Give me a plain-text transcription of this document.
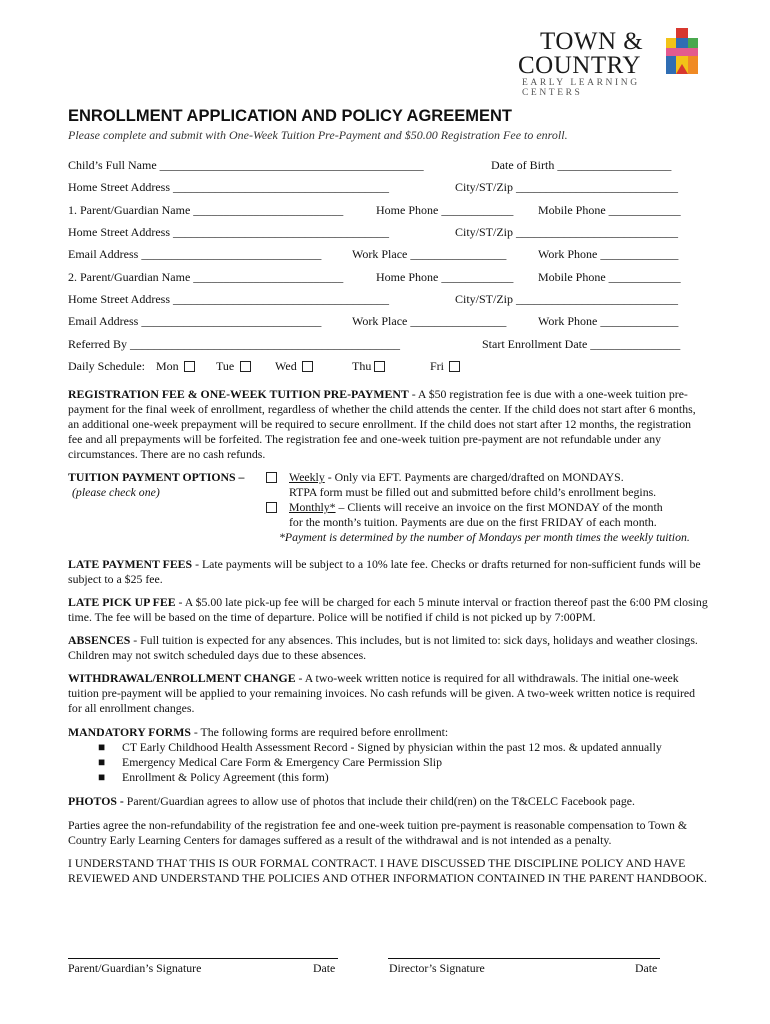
TOWN &
COUNTRY
EARLY LEARNING CENTERS
ENROLLMENT APPLICATION AND POLICY AGREEMENT
Please complete and submit with One-Week Tuition Pre-Payment and $50.00 Registration Fee to enroll.
Child’s Full Name ____________________________________________	Date of Birth ___________________
Home Street Address ____________________________________	City/ST/Zip ___________________________
1. Parent/Guardian Name _________________________	Home Phone ____________ Mobile Phone ____________
Home Street Address ____________________________________	City/ST/Zip ___________________________
Email Address ______________________________	Work Place ________________	Work Phone _____________
2. Parent/Guardian Name _________________________	Home Phone ____________ Mobile Phone ____________
Home Street Address ____________________________________	City/ST/Zip ___________________________
Email Address ______________________________	Work Place ________________	Work Phone _____________
Referred By _____________________________________________	Start Enrollment Date _______________
Daily Schedule: Mon	Tue	Wed	Thu	Fri
REGISTRATION FEE & ONE-WEEK TUITION PRE-PAYMENT - A $50 registration fee is due with a one-week tuition pre-payment for the final week of enrollment, regardless of whether the child attends the center. If the child does not start after 6 months, an additional one-week prepayment will be required to secure enrollment. If the child does not start after 12 months, the registration fee and all prepayments will be forfeited. The registration fee and one-week tuition pre-payment are not refundable under any circumstances. There are no cash refunds.
TUITION PAYMENT OPTIONS –
(please check one)
Weekly - Only via EFT. Payments are charged/drafted on MONDAYS.
RTPA form must be filled out and submitted before child’s enrollment begins.
Monthly* – Clients will receive an invoice on the first MONDAY of the month
for the month’s tuition. Payments are due on the first FRIDAY of each month.
*Payment is determined by the number of Mondays per month times the weekly tuition.
LATE PAYMENT FEES - Late payments will be subject to a 10% late fee. Checks or drafts returned for non-sufficient funds will be subject to a $25 fee.
LATE PICK UP FEE - A $5.00 late pick-up fee will be charged for each 5 minute interval or fraction thereof past the 6:00 PM closing time. The fee will be based on the time of departure. Police will be notified if child is not picked up by 7:00PM.
ABSENCES - Full tuition is expected for any absences. This includes, but is not limited to: sick days, holidays and weather closings. Children may not switch scheduled days due to these absences.
WITHDRAWAL/ENROLLMENT CHANGE - A two-week written notice is required for all withdrawals. The initial one-week tuition pre-payment will be applied to your remaining invoices. No cash refunds will be given. A two-week written notice is required for all enrollment changes.
MANDATORY FORMS - The following forms are required before enrollment:
■ CT Early Childhood Health Assessment Record - Signed by physician within the past 12 mos. & updated annually
■ Emergency Medical Care Form & Emergency Care Permission Slip
■ Enrollment & Policy Agreement (this form)
PHOTOS - Parent/Guardian agrees to allow use of photos that include their child(ren) on the T&CELC Facebook page.
Parties agree the non-refundability of the registration fee and one-week tuition pre-payment is reasonable compensation to Town & Country Early Learning Centers for damages suffered as a result of the withdrawal and is not intended as a penalty.
I UNDERSTAND THAT THIS IS OUR FORMAL CONTRACT. I HAVE DISCUSSED THE DISCIPLINE POLICY AND HAVE REVIEWED AND UNDERSTAND THE POLICIES AND OTHER INFORMATION CONTAINED IN THE PARENT HANDBOOK.
Parent/Guardian’s Signature	Date	Director’s Signature	Date
